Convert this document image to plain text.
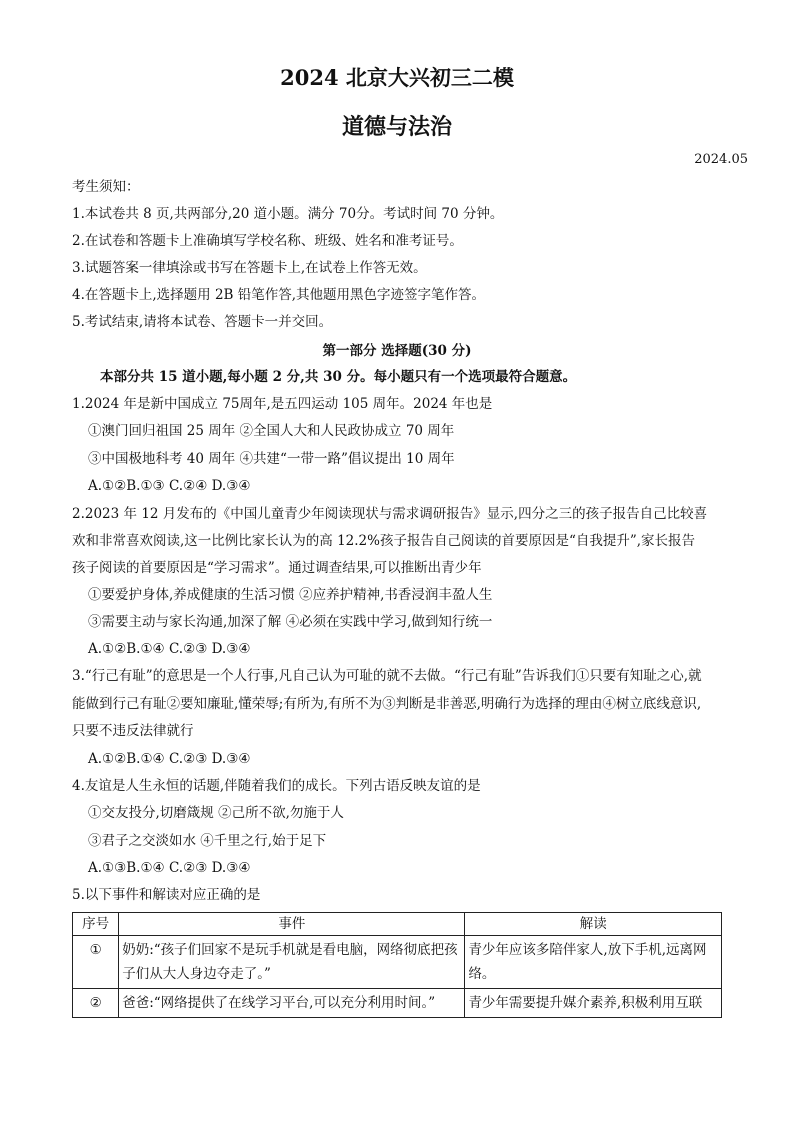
2024 北京大兴初三二模
道德与法治
2024.05
考生须知：
1.本试卷共 8 页,共两部分,20 道小题。满分 70分。考试时间 70 分钟。
2.在试卷和答题卡上准确填写学校名称、班级、姓名和准考证号。
3.试题答案一律填涂或书写在答题卡上,在试卷上作答无效。
4.在答题卡上,选择题用 2B 铅笔作答,其他题用黑色字迹签字笔作答。
5.考试结束,请将本试卷、答题卡一并交回。
第一部分 选择题(30 分)
本部分共 15 道小题,每小题 2 分,共 30 分。每小题只有一个选项最符合题意。
1.2024 年是新中国成立 75周年,是五四运动 105 周年。2024 年也是
①澳门回归祖国 25 周年 ②全国人大和人民政协成立 70 周年
③中国极地科考 40 周年 ④共建“一带一路”倡议提出 10 周年
A.①②B.①③ C.②④ D.③④
2.2023 年 12 月发布的《中国儿童青少年阅读现状与需求调研报告》显示,四分之三的孩子报告自己比较喜
欢和非常喜欢阅读,这一比例比家长认为的高 12.2%孩子报告自己阅读的首要原因是“自我提升”,家长报告
孩子阅读的首要原因是“学习需求”。通过调查结果,可以推断出青少年
①要爱护身体,养成健康的生活习惯 ②应养护精神,书香浸润丰盈人生
③需要主动与家长沟通,加深了解 ④必须在实践中学习,做到知行统一
A.①②B.①④ C.②③ D.③④
3.“行己有耻”的意思是一个人行事,凡自己认为可耻的就不去做。“行己有耻”告诉我们①只要有知耻之心,就
能做到行己有耻②要知廉耻,懂荣辱;有所为,有所不为③判断是非善恶,明确行为选择的理由④树立底线意识,
只要不违反法律就行
A.①②B.①④ C.②③ D.③④
4.友谊是人生永恒的话题,伴随着我们的成长。下列古语反映友谊的是
①交友投分,切磨箴规 ②己所不欲,勿施于人
③君子之交淡如水 ④千里之行,始于足下
A.①③B.①④ C.②③ D.③④
5.以下事件和解读对应正确的是
序号	事件	解读
①	奶奶:“孩子们回家不是玩手机就是看电脑，网络彻底把孩子们从大人身边夺走了。”	青少年应该多陪伴家人,放下手机,远离网络。
②	爸爸:“网络提供了在线学习平台,可以充分利用时间。”	青少年需要提升媒介素养,积极利用互联
